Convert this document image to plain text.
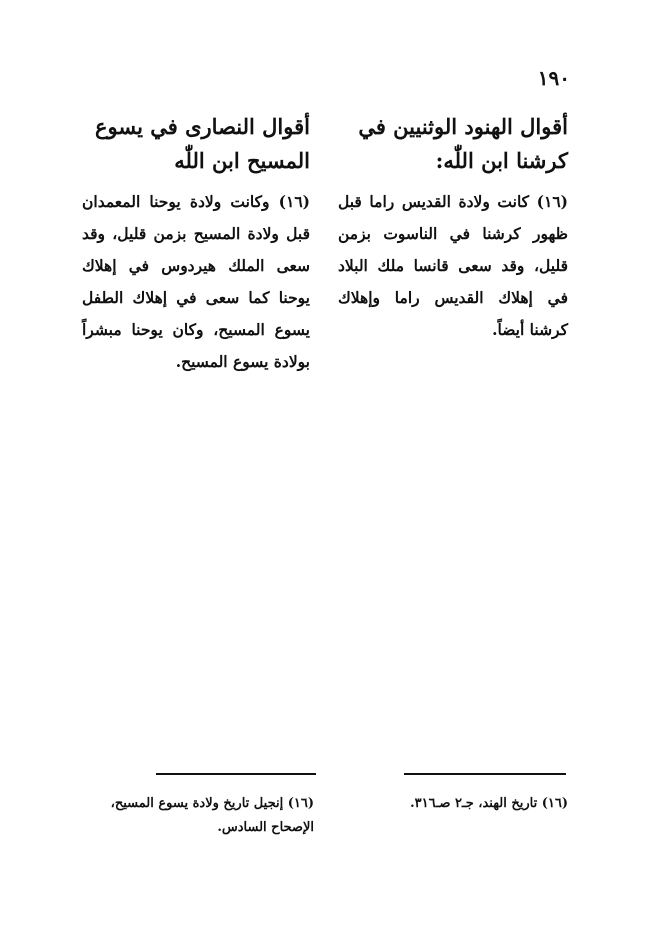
١٩٠
أقوال الهنود الوثنيين في كرشنا ابن اللّٰه:

(١٦) كانت ولادة القديس راما قبل ظهور كرشنا في الناسوت بزمن قليل، وقد سعى قانسا ملك البلاد في إهلاك القديس راما وإهلاك كرشنا أيضاً.

أقوال النصارى في يسوع المسيح ابن اللّٰه

(١٦) وكانت ولادة يوحنا المعمدان قبل ولادة المسيح بزمن قليل، وقد سعى الملك هيردوس في إهلاك يوحنا كما سعى في إهلاك الطفل يسوع المسيح، وكان يوحنا مبشراً بولادة يسوع المسيح.

(١٦) تاريخ الهند، جـ٢ صـ٣١٦.

(١٦) إنجيل تاريخ ولادة يسوع المسيح، الإصحاح السادس.
